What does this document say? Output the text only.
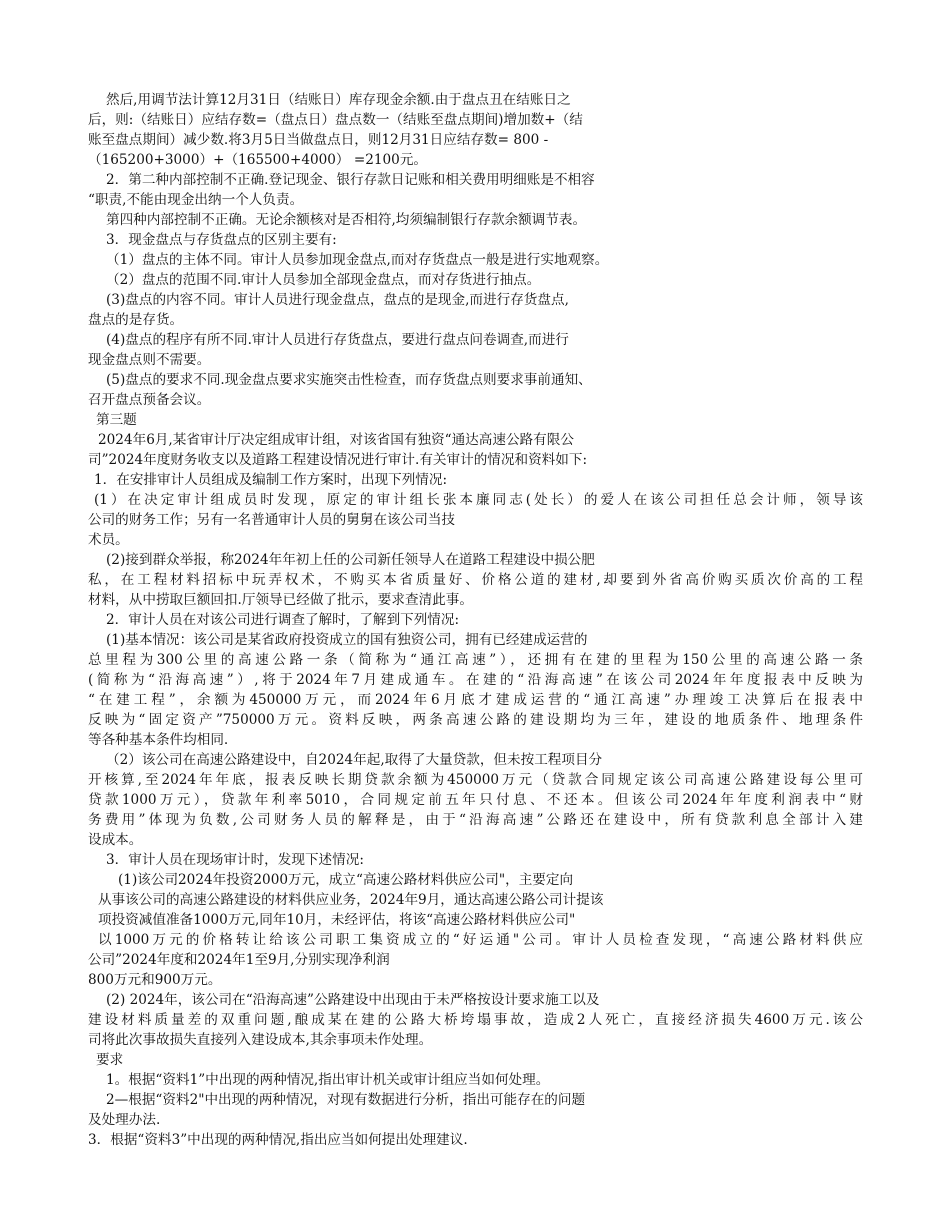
然后,用调节法计算12月31日（结账日）库存现金余额.由于盘点丑在结账日之
后，则:（结账日）应结存数=（盘点日）盘点数一（结账至盘点期间)增加数+（结
账至盘点期间）减少数.将3月5日当做盘点日，则12月31日应结存数= 800 -
（165200+3000）+（165500+4000） =2100元。
2．第二种内部控制不正确.登记现金、银行存款日记账和相关费用明细账是不相容
“职责,不能由现金出纳一个人负责。
第四种内部控制不正确。无论余额核对是否相符,均须编制银行存款余额调节表。
3．现金盘点与存货盘点的区别主要有:
（1）盘点的主体不同。审计人员参加现金盘点,而对存货盘点一般是进行实地观察。
（2）盘点的范围不同.审计人员参加全部现金盘点，而对存货进行抽点。
(3)盘点的内容不同。审计人员进行现金盘点，盘点的是现金,而进行存货盘点,
盘点的是存货。
(4)盘点的程序有所不同.审计人员进行存货盘点，要进行盘点问卷调查,而进行
现金盘点则不需要。
(5)盘点的要求不同.现金盘点要求实施突击性检查，而存货盘点则要求事前通知、
召开盘点预备会议。
第三题
2024年6月,某省审计厅决定组成审计组，对该省国有独资“通达高速公路有限公
司”2024年度财务收支以及道路工程建设情况进行审计.有关审计的情况和资料如下:
1．在安排审计人员组成及编制工作方案时，出现下列情况:
(1）在决定审计组成员时发现，原定的审计组长张本廉同志(处长）的爱人在该公司担任总会计师，领导该
公司的财务工作；另有一名普通审计人员的舅舅在该公司当技
术员。
(2)接到群众举报，称2024年年初上任的公司新任领导人在道路工程建设中损公肥
私，在工程材料招标中玩弄权术，不购买本省质量好、价格公道的建材,却要到外省高价购买质次价高的工程
材料，从中捞取巨额回扣.厅领导已经做了批示，要求查清此事。
2．审计人员在对该公司进行调查了解时，了解到下列情况:
(1)基本情况：该公司是某省政府投资成立的国有独资公司，拥有已经建成运营的
总里程为300公里的高速公路一条（简称为“通江高速”），还拥有在建的里程为150公里的高速公路一条
(简称为“沿海高速”）,将于2024年7月建成通车。在建的“沿海高速”在该公司2024年年度报表中反映为
“在建工程”，余额为450000万元，而2024年6月底才建成运营的“通江高速”办理竣工决算后在报表中
反映为“固定资产”750000万元。资料反映，两条高速公路的建设期均为三年，建设的地质条件、地理条件
等各种基本条件均相同.
（2）该公司在高速公路建设中，自2024年起,取得了大量贷款，但未按工程项目分
开核算,至2024年年底，报表反映长期贷款余额为450000万元（贷款合同规定该公司高速公路建设每公里可
贷款1000万元），贷款年利率5010，合同规定前五年只付息、不还本。但该公司2024年年度利润表中“财
务费用”体现为负数,公司财务人员的解释是，由于“沿海高速”公路还在建设中，所有贷款利息全部计入建
设成本。
3．审计人员在现场审计时，发现下述情况:
(1)该公司2024年投资2000万元，成立“高速公路材料供应公司"，主要定向
从事该公司的高速公路建设的材料供应业务，2024年9月，通达高速公路公司计提该
项投资减值准备1000万元,同年10月，未经评估，将该“高速公路材料供应公司"
以1000万元的价格转让给该公司职工集资成立的“好运通"公司。审计人员检查发现，“高速公路材料供应
公司”2024年度和2024年1至9月,分别实现净利润
800万元和900万元。
(2) 2024年，该公司在“沿海高速”公路建设中出现由于未严格按设计要求施工以及
建设材料质量差的双重问题,酿成某在建的公路大桥垮塌事故，造成2人死亡，直接经济损失4600万元.该公
司将此次事故损失直接列入建设成本,其余事项未作处理。
要求
1。根据“资料1”中出现的两种情况,指出审计机关或审计组应当如何处理。
2—根据“资料2"中出现的两种情况，对现有数据进行分析，指出可能存在的问题
及处理办法.
3．根据“资料3”中出现的两种情况,指出应当如何提出处理建议.
